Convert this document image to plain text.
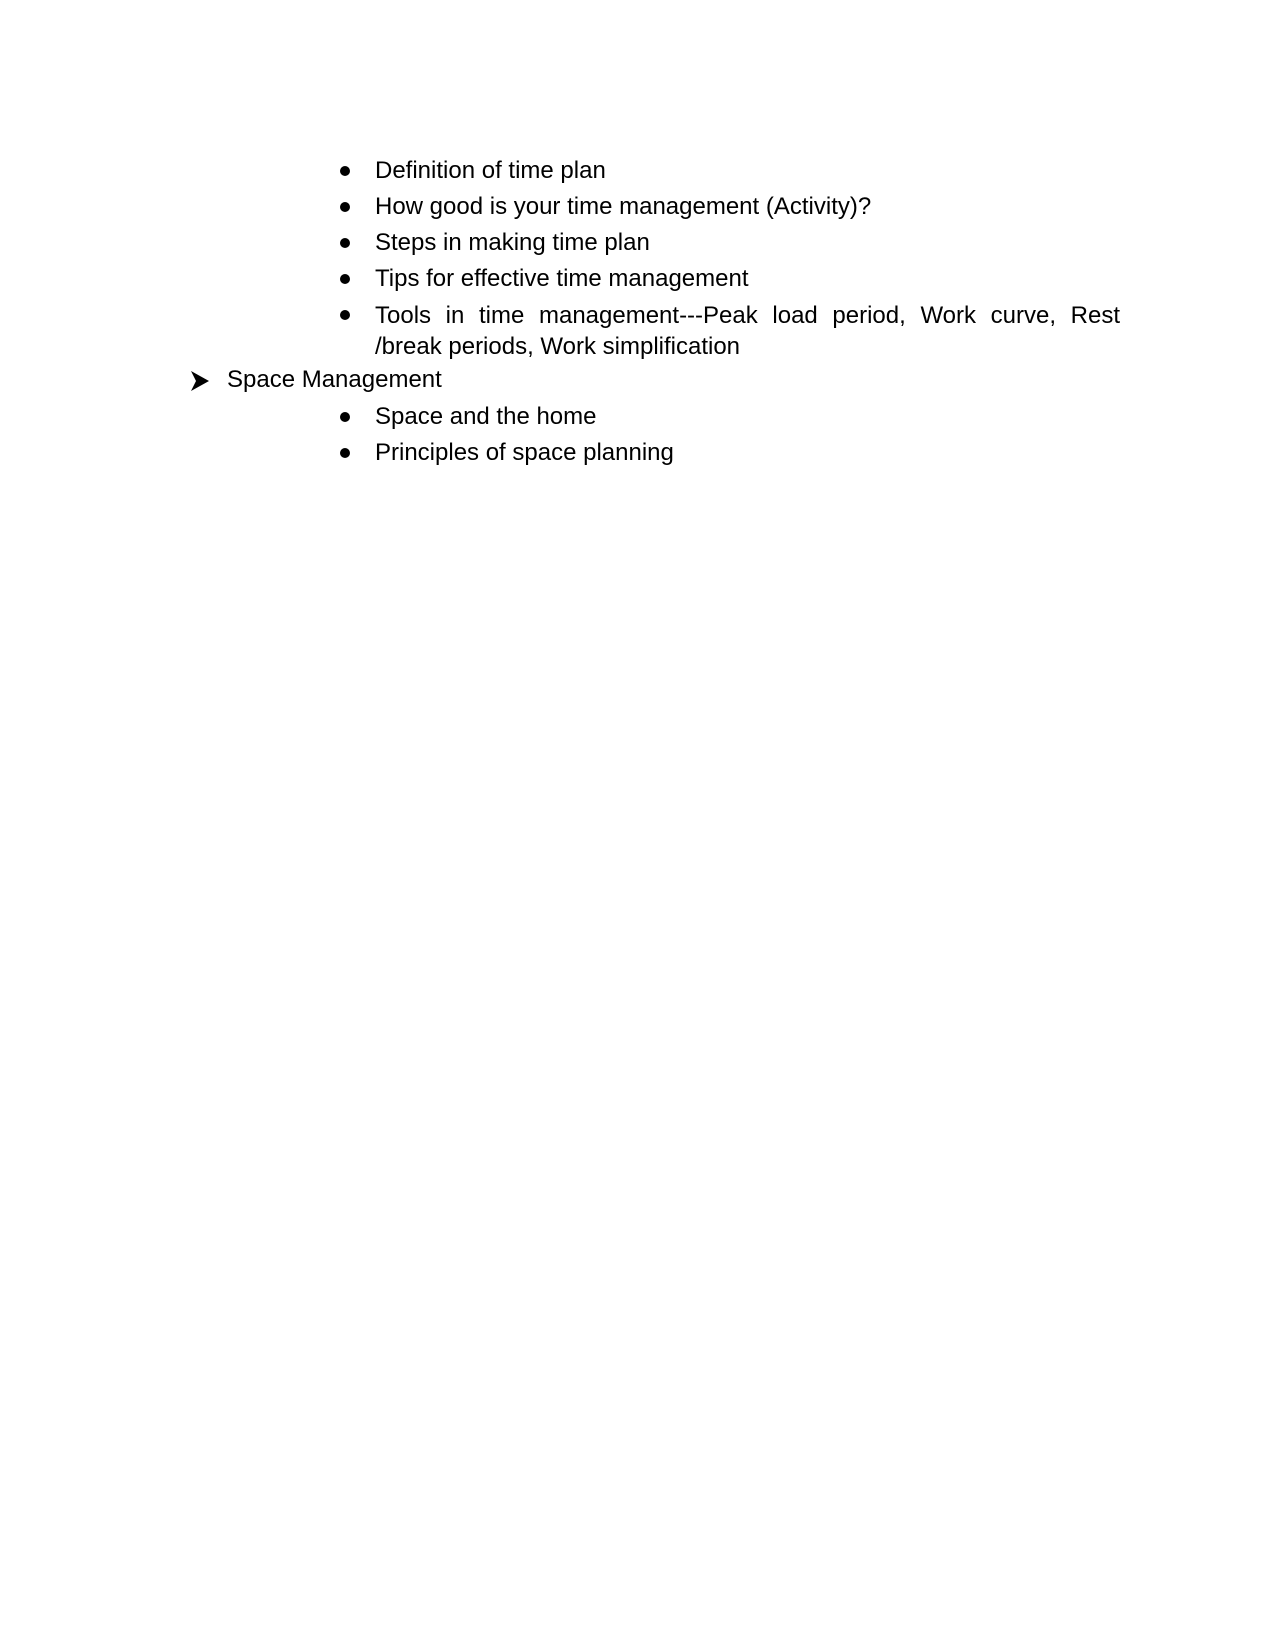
Definition of time plan
How good is your time management (Activity)?
Steps in making time plan
Tips for effective time management
Tools in time management---Peak load period, Work curve, Rest /break periods, Work simplification
Space Management
Space and the home
Principles of space planning
